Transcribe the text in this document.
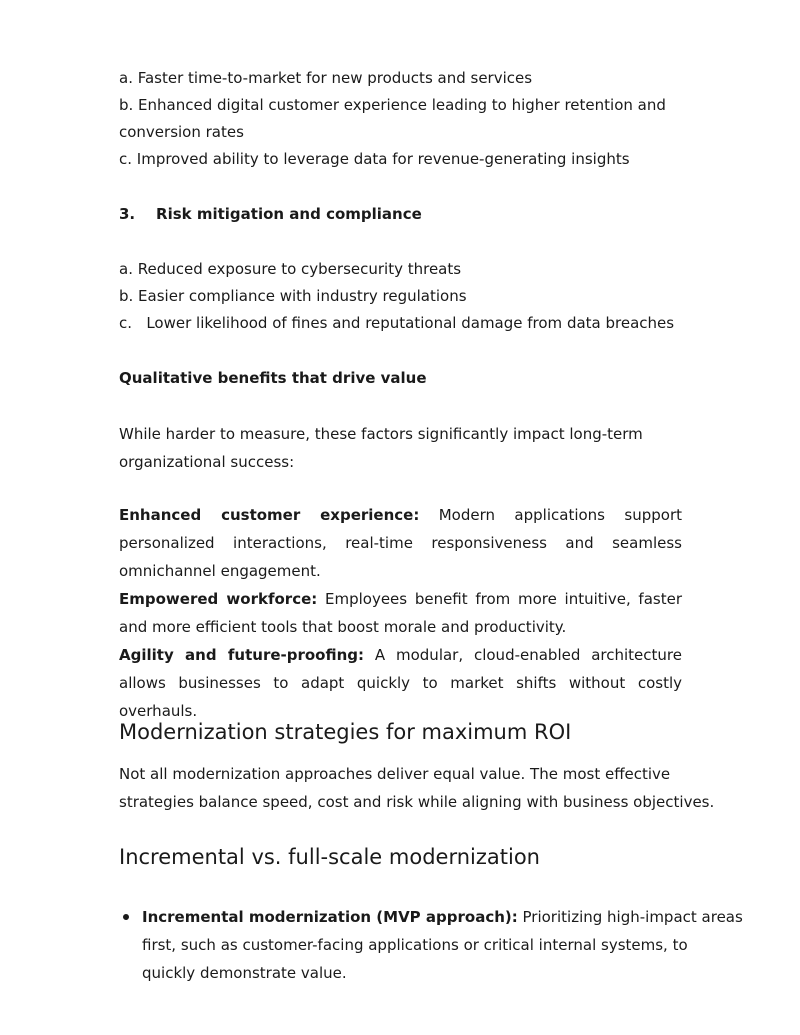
a. Faster time-to-market for new products and services

b. Enhanced digital customer experience leading to higher retention and

conversion rates

c. Improved ability to leverage data for revenue-generating insights

3.    Risk mitigation and compliance

a. Reduced exposure to cybersecurity threats

b. Easier compliance with industry regulations

c.   Lower likelihood of fines and reputational damage from data breaches

Qualitative benefits that drive value

While harder to measure, these factors significantly impact long-term

organizational success:

Enhanced customer experience: Modern applications support personalized interactions, real-time responsiveness and seamless omnichannel engagement.

Empowered workforce: Employees benefit from more intuitive, faster and more efficient tools that boost morale and productivity.

Agility and future-proofing: A modular, cloud-enabled architecture allows businesses to adapt quickly to market shifts without costly overhauls.

Modernization strategies for maximum ROI

Not all modernization approaches deliver equal value. The most effective

strategies balance speed, cost and risk while aligning with business objectives.

Incremental vs. full-scale modernization
Incremental modernization (MVP approach): Prioritizing high-impact areas
first, such as customer-facing applications or critical internal systems, to
quickly demonstrate value.
